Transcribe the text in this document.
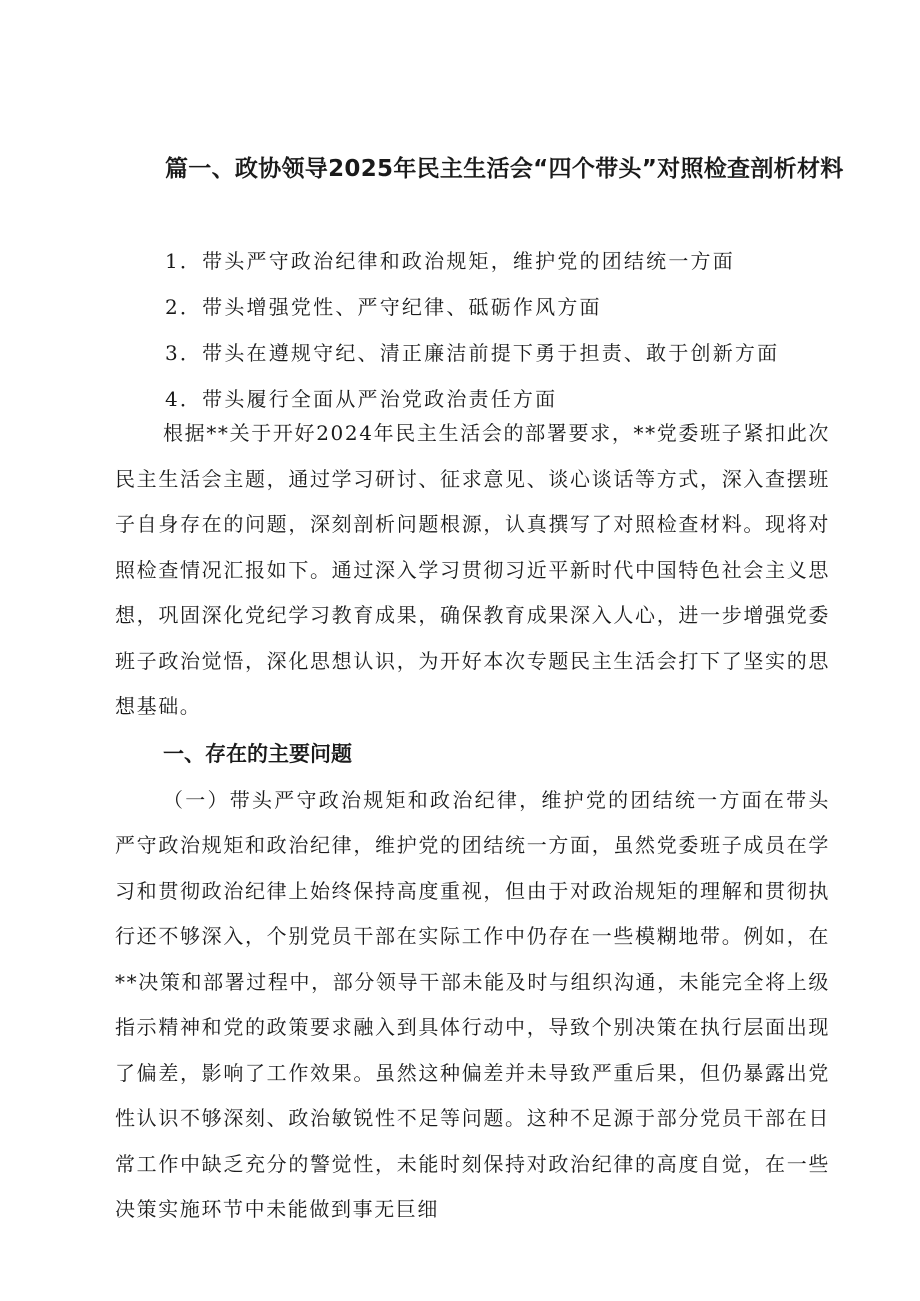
篇一、政协领导2025年民主生活会“四个带头”对照检查剖析材料
1．带头严守政治纪律和政治规矩，维护党的团结统一方面
2．带头增强党性、严守纪律、砥砺作风方面
3．带头在遵规守纪、清正廉洁前提下勇于担责、敢于创新方面
4．带头履行全面从严治党政治责任方面

根据**关于开好2024年民主生活会的部署要求，**党委班子紧扣此次民主生活会主题，通过学习研讨、征求意见、谈心谈话等方式，深入查摆班子自身存在的问题，深刻剖析问题根源，认真撰写了对照检查材料。现将对照检查情况汇报如下。通过深入学习贯彻习近平新时代中国特色社会主义思想，巩固深化党纪学习教育成果，确保教育成果深入人心，进一步增强党委班子政治觉悟，深化思想认识，为开好本次专题民主生活会打下了坚实的思想基础。

一、存在的主要问题

（一）带头严守政治规矩和政治纪律，维护党的团结统一方面在带头严守政治规矩和政治纪律，维护党的团结统一方面，虽然党委班子成员在学习和贯彻政治纪律上始终保持高度重视，但由于对政治规矩的理解和贯彻执行还不够深入，个别党员干部在实际工作中仍存在一些模糊地带。例如，在**决策和部署过程中，部分领导干部未能及时与组织沟通，未能完全将上级指示精神和党的政策要求融入到具体行动中，导致个别决策在执行层面出现了偏差，影响了工作效果。虽然这种偏差并未导致严重后果，但仍暴露出党性认识不够深刻、政治敏锐性不足等问题。这种不足源于部分党员干部在日常工作中缺乏充分的警觉性，未能时刻保持对政治纪律的高度自觉，在一些决策实施环节中未能做到事无巨细
